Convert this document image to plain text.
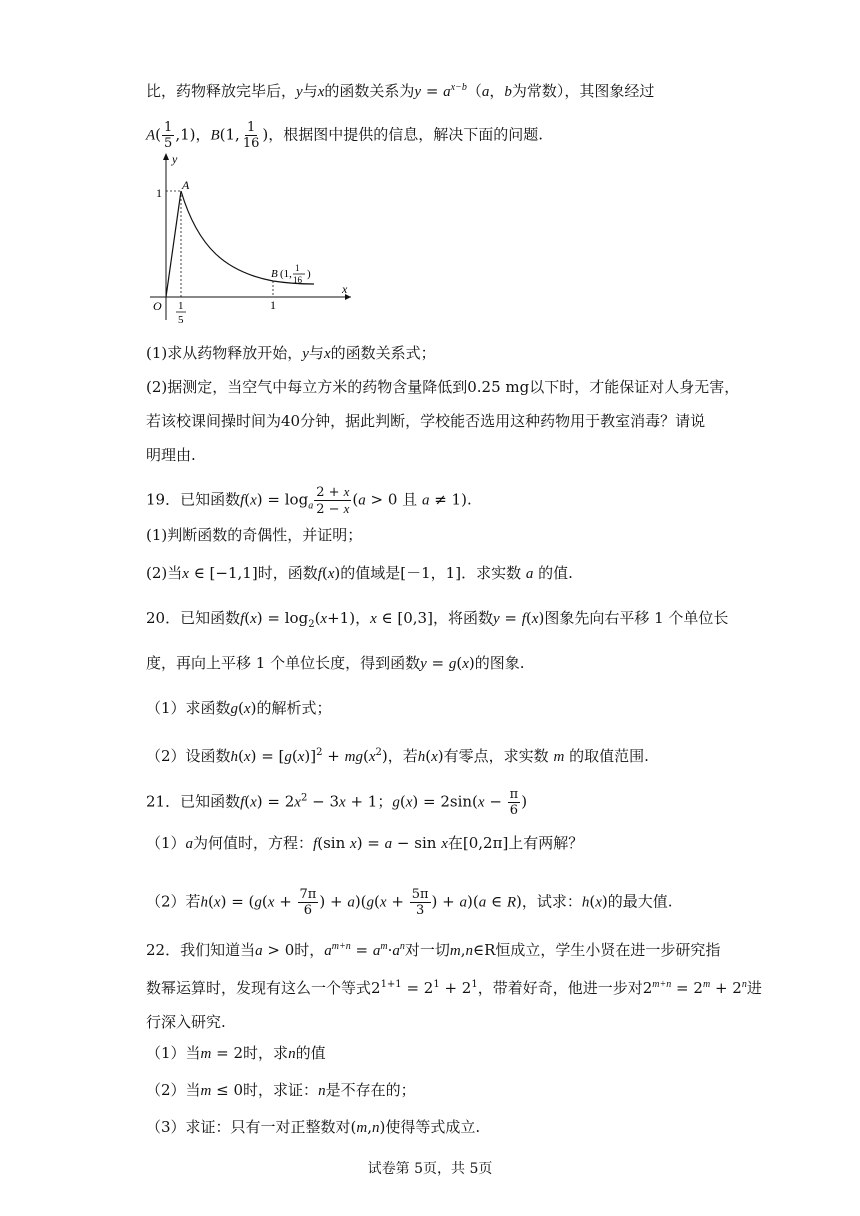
比，药物释放完毕后，y与x的函数关系为$y = a^{x-b}(a$，b为常数），其图象经过
$A( \frac{1}{5} ,1)$，B(1, $\frac{1}{16}$ )，根据图中提供的信息，解决下面的问题.
y
x
O
1
A
B (1, 1
16 )
1
1
5
(1)求从药物释放开始，y与x的函数关系式；
(2)据测定，当空气中每立方米的药物含量降低到0.25 mg以下时，才能保证对人身无害，
若该校课间操时间为40分钟，据此判断，学校能否选用这种药物用于教室消毒？请说
明理由.
19．已知函数$f(x) = \log_a \frac{2 + x}{2 - x} (a > 0$ 且 a ≠ 1).
(1)判断函数的奇偶性，并证明；
(2)当x ∈ [−1,1]时，函数f(x)的值域是[－1，1]．求实数 a 的值.
20．已知函数$f(x) = \log_2(x+1)$，x ∈ [0,3]，将函数y = f(x)图象先向右平移 1 个单位长
度，再向上平移 1 个单位长度，得到函数y = g(x)的图象.
（1）求函数g(x)的解析式；
（2）设函数$h(x) = [g(x)]^2 + mg(x^2)$，若h(x)有零点，求实数 m 的取值范围.
21．已知函数$f(x) = 2x^2 - 3x + 1$；$g(x) = 2\sin(x - \frac{\pi}{6}$ )
（1）a为何值时，方程：f(sin x) = a − sin x在[0,2π]上有两解？
（2）若$h(x) = (g(x + \frac{7\pi}{6}$ ) + $a)(g(x + \frac{5\pi}{3}$ ) + a)(a ∈ R)，试求：h(x)的最大值.
22．我们知道当a > 0时，$a^{m+n} = a^m\cdot a^n$对一切m,n∈R恒成立，学生小贤在进一步研究指
数幂运算时，发现有这么一个等式$2^{1+1} = 2^1 + 2^1$，带着好奇，他进一步对$2^{m+n} = 2^m + 2^n$进
行深入研究.
（1）当m = 2时，求n的值
（2）当m ≤ 0时，求证：n是不存在的；
（3）求证：只有一对正整数对(m,n)使得等式成立.
试卷第 5页，共 5页
